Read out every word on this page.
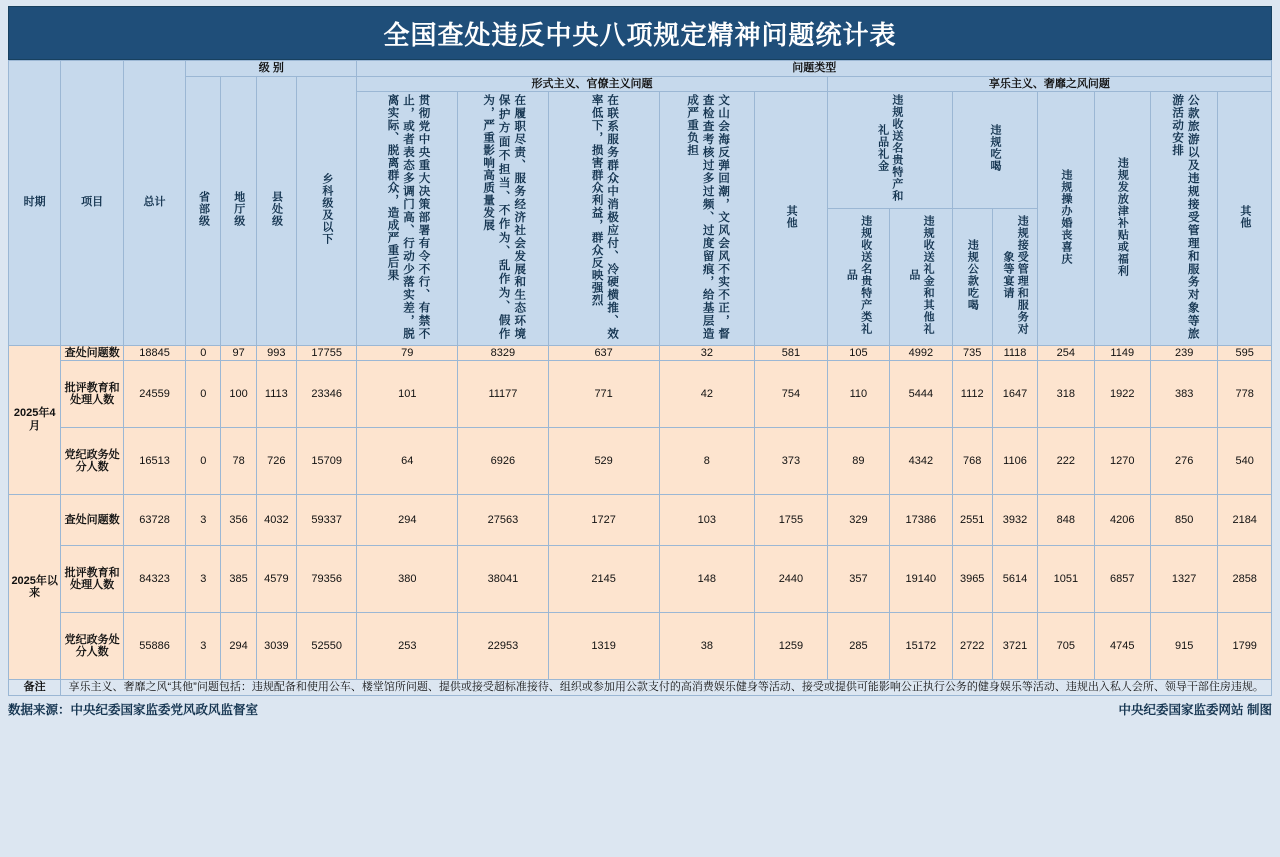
全国查处违反中央八项规定精神问题统计表
时期	项目	总计	级 别				问题类型												
			省部级	地厅级	县处级	乡科级及以下	形式主义、官僚主义问题					享乐主义、奢靡之风问题							
							贯彻党中央重大决策部署有令不行、有禁不止，或者表态多调门高、行动少落实差，脱离实际、脱离群众，造成严重后果	在履职尽责、服务经济社会发展和生态环境保护方面不担当、不作为、乱作为、假作为，严重影响高质量发展	在联系服务群众中消极应付、冷硬横推、效率低下，损害群众利益，群众反映强烈	文山会海反弹回潮，文风会风不实不正，督查检查考核过多过频、过度留痕，给基层造成严重负担	其他	违规收送名贵特产和礼品礼金		违规吃喝		违规操办婚丧喜庆	违规发放津补贴或福利	公款旅游以及违规接受管理和服务对象等旅游活动安排	其他
												违规收送名贵特产类礼品	违规收送礼金和其他礼品	违规公款吃喝	违规接受管理和服务对象等宴请				
2025年4月	查处问题数	18845	0	97	993	17755	79	8329	637	32	581	105	4992	735	1118	254	1149	239	595
	批评教育和处理人数	24559	0	100	1113	23346	101	11177	771	42	754	110	5444	1112	1647	318	1922	383	778
	党纪政务处分人数	16513	0	78	726	15709	64	6926	529	8	373	89	4342	768	1106	222	1270	276	540
2025年以来	查处问题数	63728	3	356	4032	59337	294	27563	1727	103	1755	329	17386	2551	3932	848	4206	850	2184
	批评教育和处理人数	84323	3	385	4579	79356	380	38041	2145	148	2440	357	19140	3965	5614	1051	6857	1327	2858
	党纪政务处分人数	55886	3	294	3039	52550	253	22953	1319	38	1259	285	15172	2722	3721	705	4745	915	1799
备注	享乐主义、奢靡之风“其他”问题包括：违规配备和使用公车、楼堂馆所问题、提供或接受超标准接待、组织或参加用公款支付的高消费娱乐健身等活动、接受或提供可能影响公正执行公务的健身娱乐等活动、违规出入私人会所、领导干部住房违规。																		
数据来源：中央纪委国家监委党风政风监督室	中央纪委国家监委网站 制图
